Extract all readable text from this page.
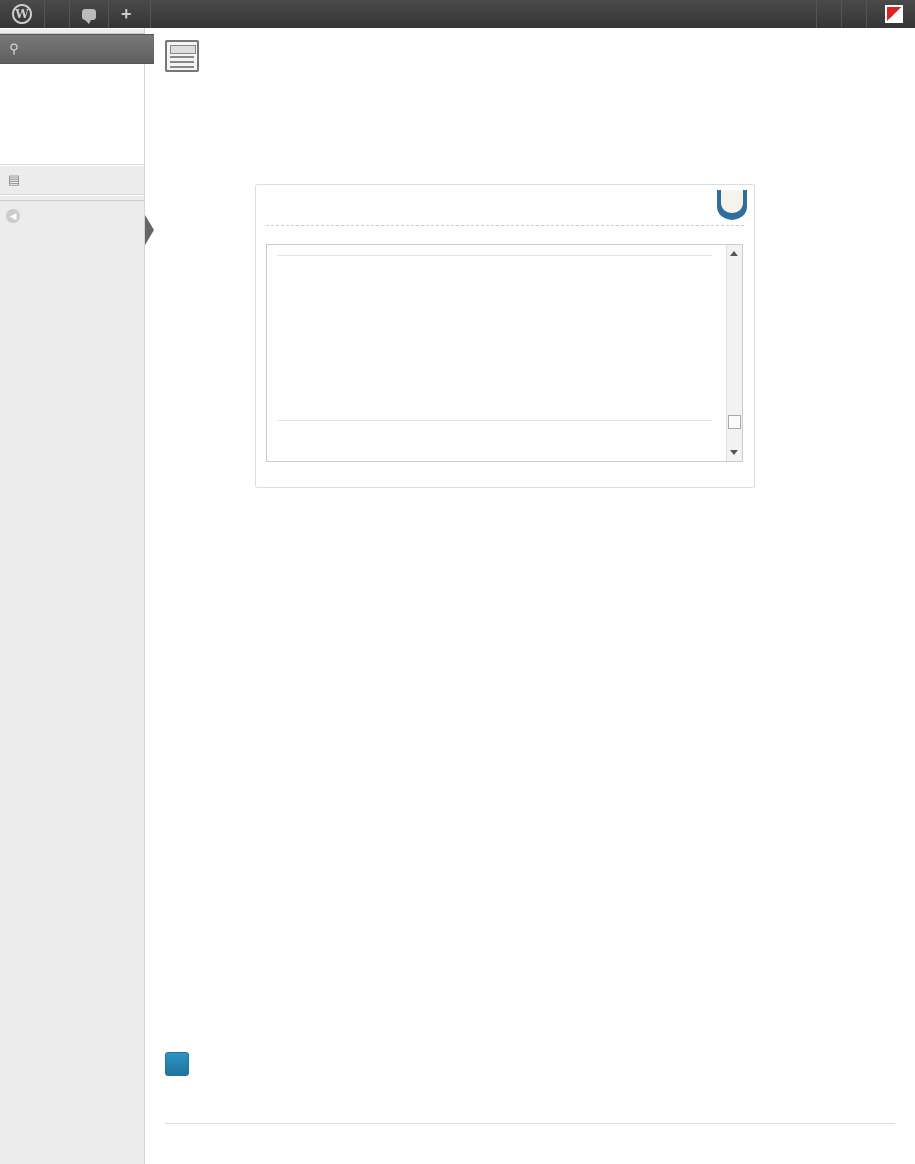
W	+
⚲
▤
◀
